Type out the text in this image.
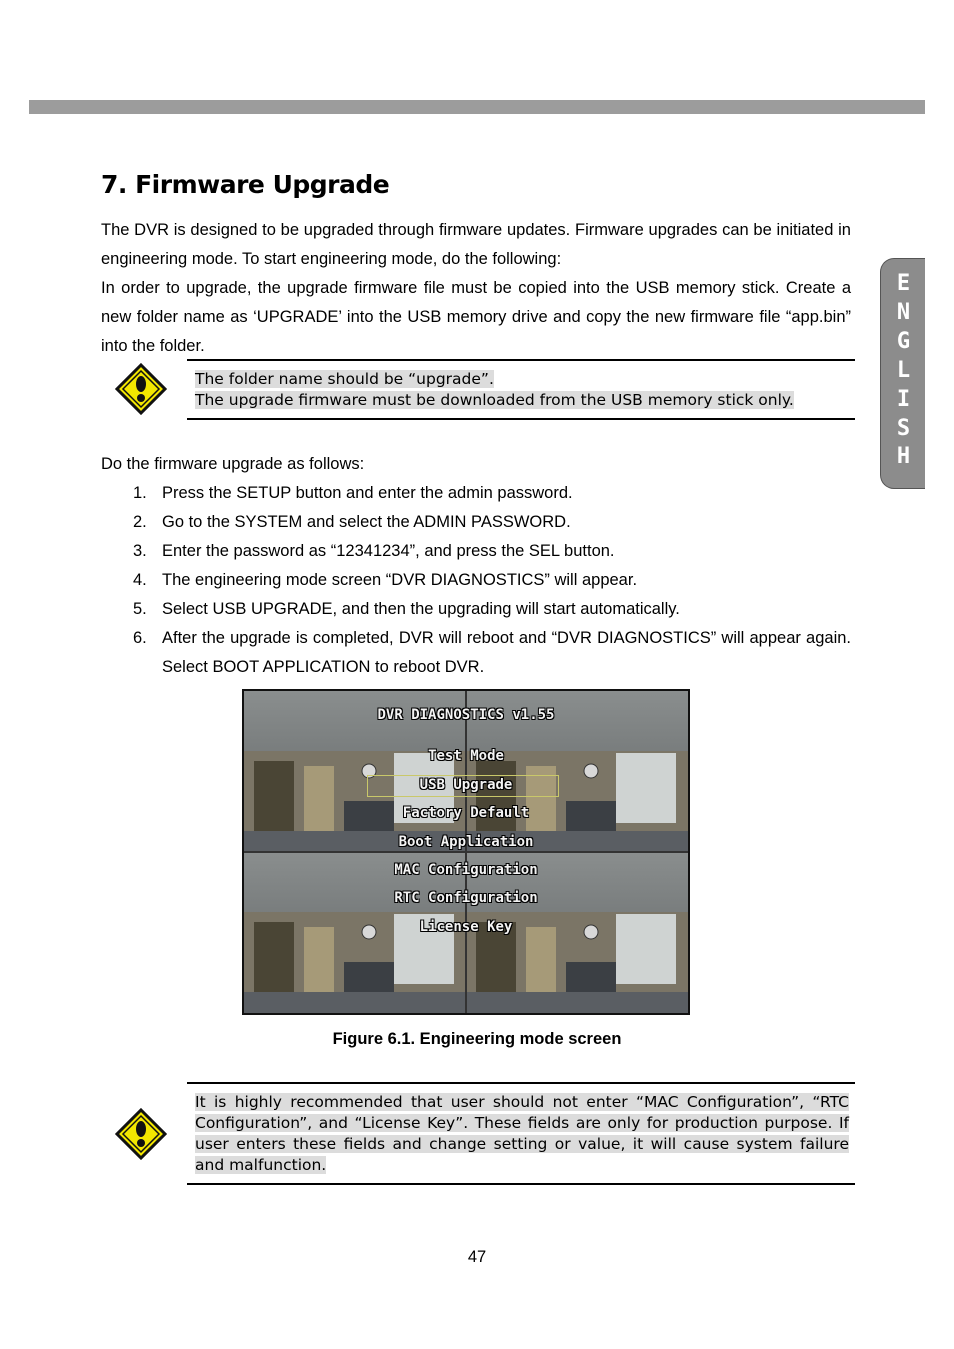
E
N
G
L
I
S
H
7. Firmware Upgrade

The DVR is designed to be upgraded through firmware updates. Firmware upgrades can be initiated in engineering mode. To start engineering mode, do the following:

In order to upgrade, the upgrade firmware file must be copied into the USB memory stick. Create a new folder name as ‘UPGRADE’ into the USB memory drive and copy the new firmware file “app.bin” into the folder.

The folder name should be “upgrade”.

The upgrade firmware must be downloaded from the USB memory stick only.

Do the firmware upgrade as follows:

1. Press the SETUP button and enter the admin password.
2. Go to the SYSTEM and select the ADMIN PASSWORD.
3. Enter the password as “12341234”, and press the SEL button.
4. The engineering mode screen “DVR DIAGNOSTICS” will appear.
5. Select USB UPGRADE, and then the upgrading will start automatically.
6. After the upgrade is completed, DVR will reboot and “DVR DIAGNOSTICS” will appear again. Select BOOT APPLICATION to reboot DVR.
DVR DIAGNOSTICS v1.55
Test Mode
USB Upgrade
Factory Default
Boot Application
MAC Configuration
RTC Configuration
License Key
Figure 6.1. Engineering mode screen
It is highly recommended that user should not enter “MAC Configuration”, “RTC Configuration”, and “License Key”. These fields are only for production purpose. If user enters these fields and change setting or value, it will cause system failure and malfunction.
47
